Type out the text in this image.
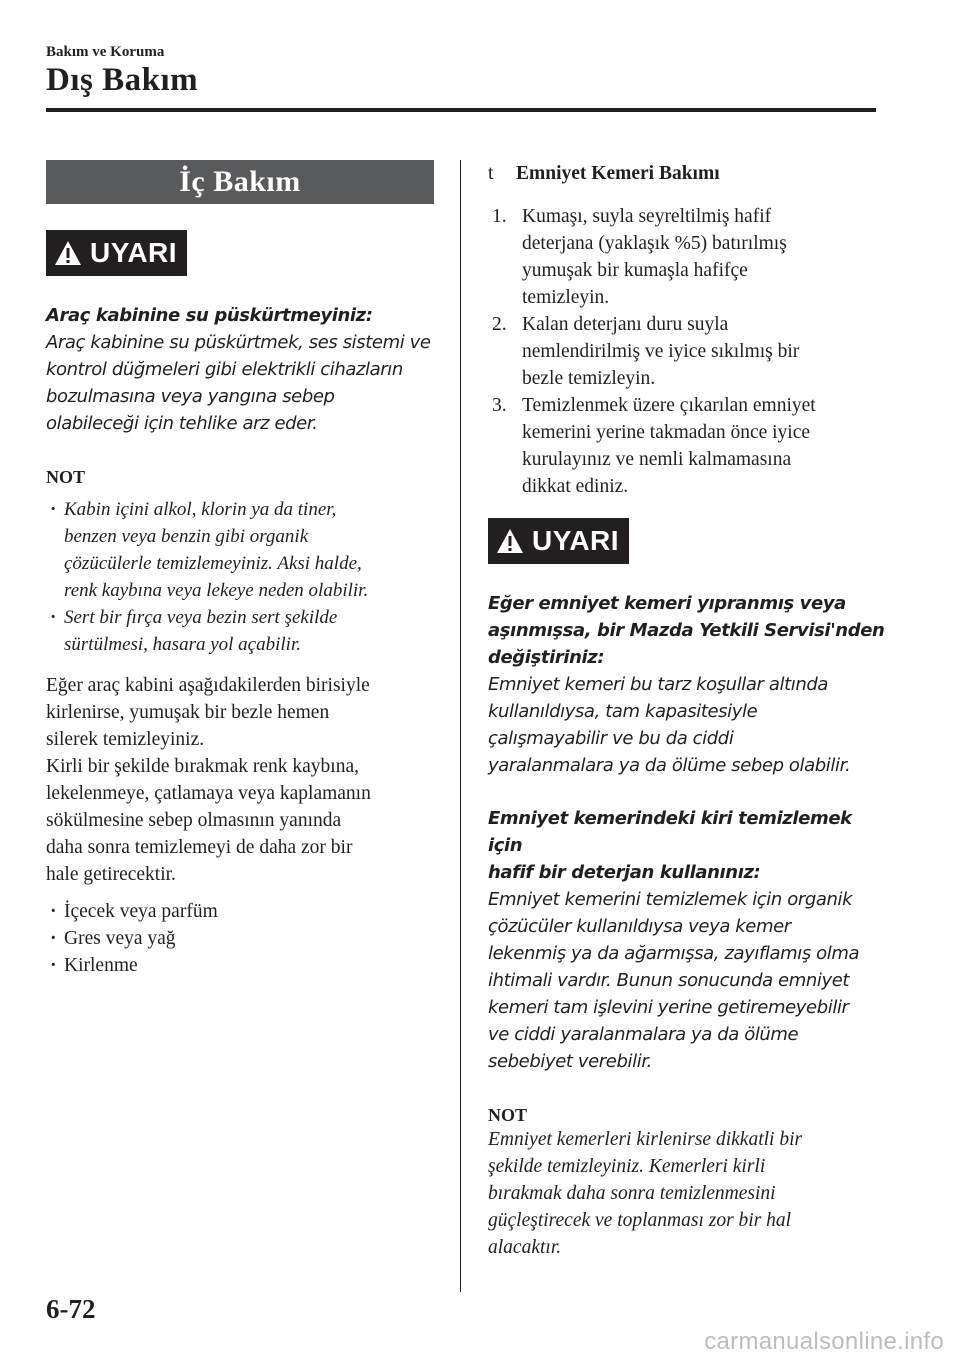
Bakım ve Koruma
Dış Bakım
İç Bakım
UYARI
Araç kabinine su püskürtmeyiniz:
Araç kabinine su püskürtmek, ses sistemi ve
kontrol düğmeleri gibi elektrikli cihazların
bozulmasına veya yangına sebep
olabileceği için tehlike arz eder.
NOT
· Kabin içini alkol, klorin ya da tiner,
benzen veya benzin gibi organik
çözücülerle temizlemeyiniz. Aksi halde,
renk kaybına veya lekeye neden olabilir.
· Sert bir fırça veya bezin sert şekilde
sürtülmesi, hasara yol açabilir.
Eğer araç kabini aşağıdakilerden birisiyle
kirlenirse, yumuşak bir bezle hemen
silerek temizleyiniz.
Kirli bir şekilde bırakmak renk kaybına,
lekelenmeye, çatlamaya veya kaplamanın
sökülmesine sebep olmasının yanında
daha sonra temizlemeyi de daha zor bir
hale getirecektir.
· İçecek veya parfüm
· Gres veya yağ
· Kirlenme
t	Emniyet Kemeri Bakımı
1. Kumaşı, suyla seyreltilmiş hafif
deterjana (yaklaşık %5) batırılmış
yumuşak bir kumaşla hafifçe
temizleyin.
2. Kalan deterjanı duru suyla
nemlendirilmiş ve iyice sıkılmış bir
bezle temizleyin.
3. Temizlenmek üzere çıkarılan emniyet
kemerini yerine takmadan önce iyice
kurulayınız ve nemli kalmamasına
dikkat ediniz.
UYARI
Eğer emniyet kemeri yıpranmış veya
aşınmışsa, bir Mazda Yetkili Servisi'nden
değiştiriniz:
Emniyet kemeri bu tarz koşullar altında
kullanıldıysa, tam kapasitesiyle
çalışmayabilir ve bu da ciddi
yaralanmalara ya da ölüme sebep olabilir.
Emniyet kemerindeki kiri temizlemek için
hafif bir deterjan kullanınız:
Emniyet kemerini temizlemek için organik
çözücüler kullanıldıysa veya kemer
lekenmiş ya da ağarmışsa, zayıflamış olma
ihtimali vardır. Bunun sonucunda emniyet
kemeri tam işlevini yerine getiremeyebilir
ve ciddi yaralanmalara ya da ölüme
sebebiyet verebilir.
NOT
Emniyet kemerleri kirlenirse dikkatli bir
şekilde temizleyiniz. Kemerleri kirli
bırakmak daha sonra temizlenmesini
güçleştirecek ve toplanması zor bir hal
alacaktır.
6-72
carmanualsonline.info
